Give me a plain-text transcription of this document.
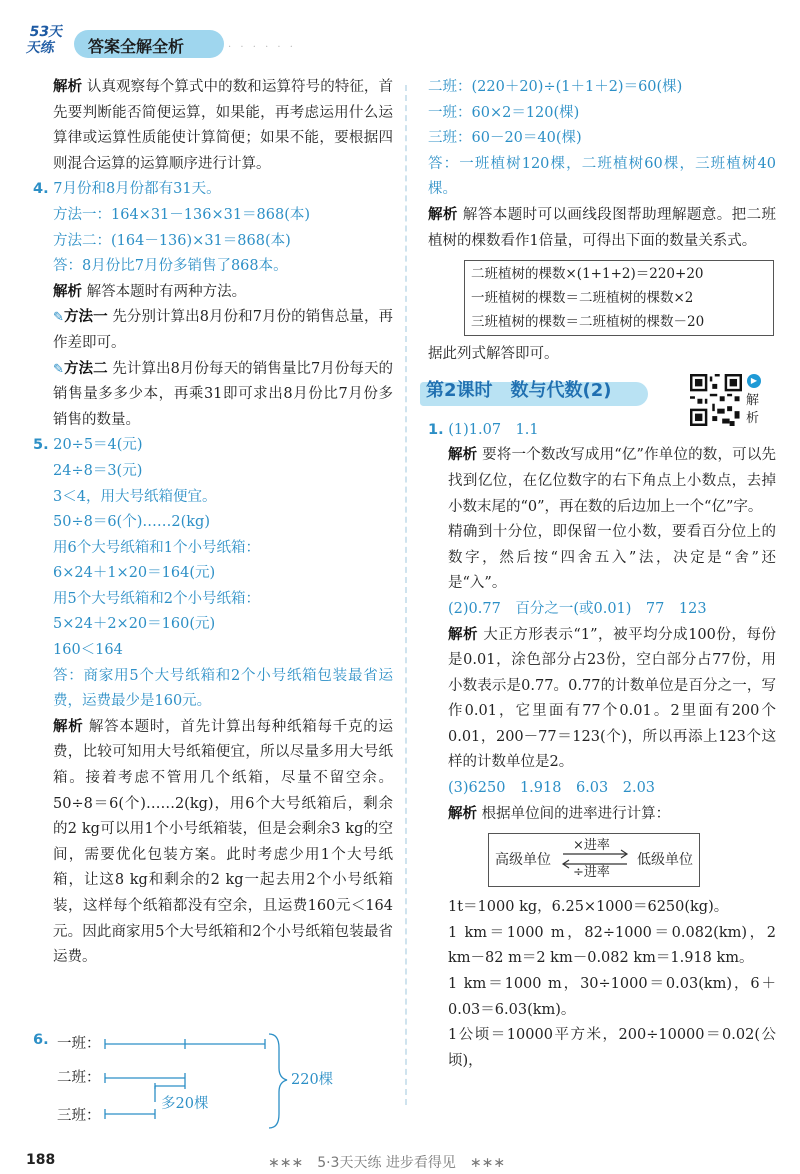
53天天练	答案全解全析	· · · · · ·

解析 认真观察每个算式中的数和运算符号的特征，首先要判断能否简便运算，如果能，再考虑运用什么运算律或运算性质能使计算简便；如果不能，要根据四则混合运算的运算顺序进行计算。

4. 7月份和8月份都有31天。

方法一：164×31－136×31＝868(本)

方法二：(164－136)×31＝868(本)

答：8月份比7月份多销售了868本。

解析 解答本题时有两种方法。

✎方法一 先分别计算出8月份和7月份的销售总量，再作差即可。

✎方法二 先计算出8月份每天的销售量比7月份每天的销售量多多少本，再乘31即可求出8月份比7月份多销售的数量。

5. 20÷5＝4(元)

24÷8＝3(元)

3＜4，用大号纸箱便宜。

50÷8＝6(个)……2(kg)

用6个大号纸箱和1个小号纸箱：

6×24＋1×20＝164(元)

用5个大号纸箱和2个小号纸箱：

5×24＋2×20＝160(元)

160＜164

答：商家用5个大号纸箱和2个小号纸箱包装最省运费，运费最少是160元。

解析 解答本题时，首先计算出每种纸箱每千克的运费，比较可知用大号纸箱便宜，所以尽量多用大号纸箱。接着考虑不管用几个纸箱，尽量不留空余。50÷8＝6(个)……2(kg)，用6个大号纸箱后，剩余的2 kg可以用1个小号纸箱装，但是会剩余3 kg的空间，需要优化包装方案。此时考虑少用1个大号纸箱，让这8 kg和剩余的2 kg一起去用2个小号纸箱装，这样每个纸箱都没有空余，且运费160元＜164元。因此商家用5个大号纸箱和2个小号纸箱包装最省运费。

6. 一班：
二班：
三班：
220棵
多20棵

二班：(220＋20)÷(1＋1＋2)＝60(棵)

一班：60×2＝120(棵)

三班：60－20＝40(棵)

答：一班植树120棵，二班植树60棵，三班植树40棵。

解析 解答本题时可以画线段图帮助理解题意。把二班植树的棵数看作1倍量，可得出下面的数量关系式。

二班植树的棵数×(1+1+2)＝220+20
一班植树的棵数＝二班植树的棵数×2
三班植树的棵数＝二班植树的棵数－20

据此列式解答即可。

第2课时　数与代数(2)	▶
解析

1. (1)1.07　1.1

解析 要将一个数改写成用“亿”作单位的数，可以先找到亿位，在亿位数字的右下角点上小数点，去掉小数末尾的“0”，再在数的后边加上一个“亿”字。

精确到十分位，即保留一位小数，要看百分位上的数字，然后按“四舍五入”法，决定是“舍”还是“入”。

(2)0.77　百分之一(或0.01)　77　123

解析 大正方形表示“1”，被平均分成100份，每份是0.01，涂色部分占23份，空白部分占77份，用小数表示是0.77。0.77的计数单位是百分之一，写作0.01，它里面有77个0.01。2里面有200个0.01，200－77＝123(个)，所以再添上123个这样的计数单位是2。

(3)6250　1.918　6.03　2.03

解析 根据单位间的进率进行计算：

高级单位	低级单位
×进率
÷进率

1t＝1000 kg，6.25×1000＝6250(kg)。

1 km＝1000 m，82÷1000＝0.082(km)，2 km－82 m＝2 km－0.082 km＝1.918 km。

1 km＝1000 m，30÷1000＝0.03(km)，6＋0.03＝6.03(km)。

1公顷＝10000平方米，200÷10000＝0.02(公顷)，

188	∗∗∗　5·3天天练 进步看得见　∗∗∗
